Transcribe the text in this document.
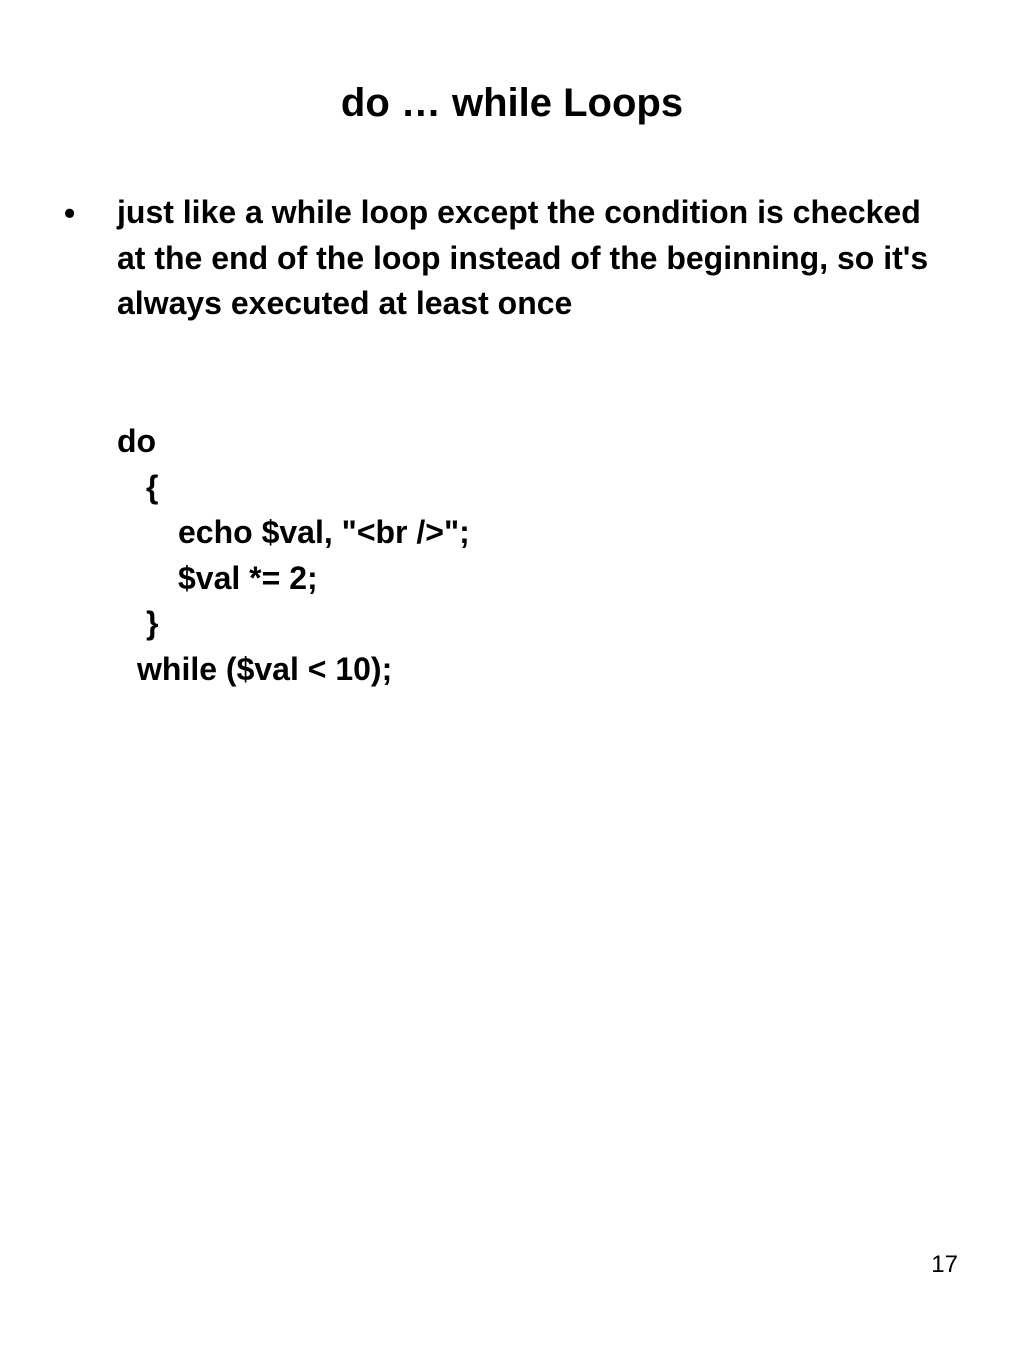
do … while Loops
• just like a while loop except the condition is checked at the end of the loop instead of the beginning, so it's always executed at least once
do
{
echo $val, "<br />";
$val *= 2;
}
while ($val < 10);
17
